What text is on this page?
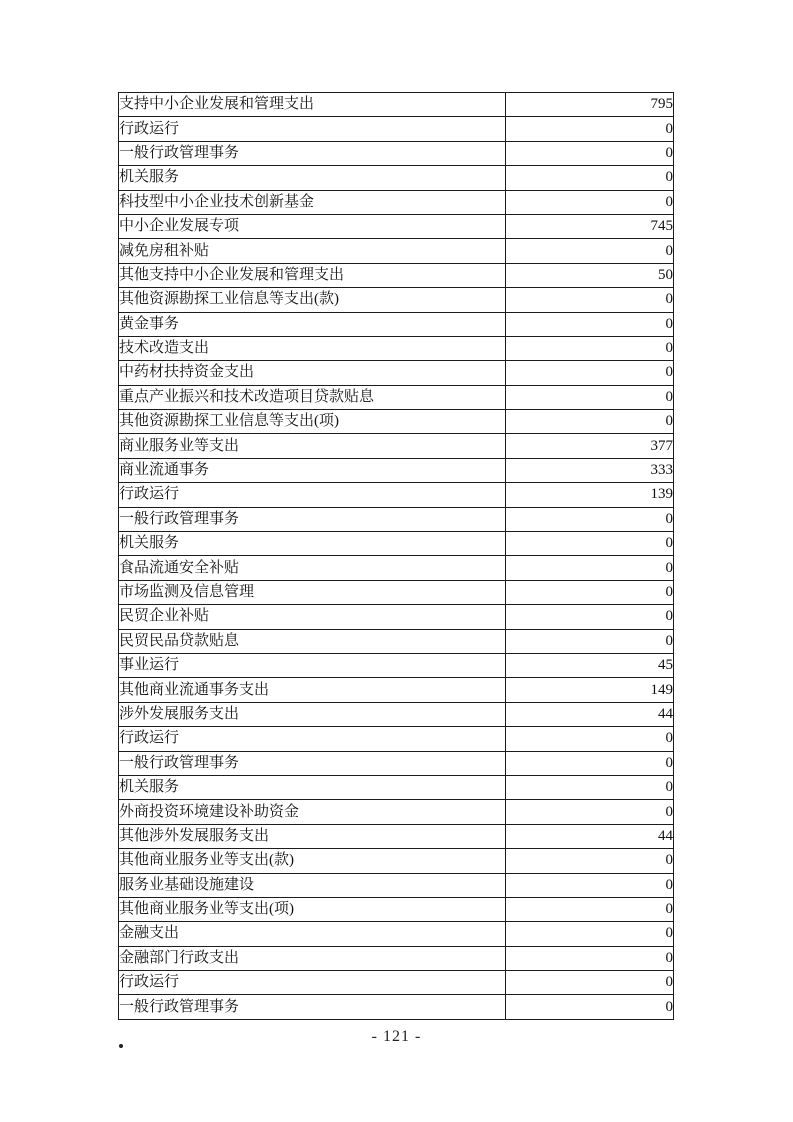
支持中小企业发展和管理支出	795
行政运行	0
一般行政管理事务	0
机关服务	0
科技型中小企业技术创新基金	0
中小企业发展专项	745
减免房租补贴	0
其他支持中小企业发展和管理支出	50
其他资源勘探工业信息等支出(款)	0
黄金事务	0
技术改造支出	0
中药材扶持资金支出	0
重点产业振兴和技术改造项目贷款贴息	0
其他资源勘探工业信息等支出(项)	0
商业服务业等支出	377
商业流通事务	333
行政运行	139
一般行政管理事务	0
机关服务	0
食品流通安全补贴	0
市场监测及信息管理	0
民贸企业补贴	0
民贸民品贷款贴息	0
事业运行	45
其他商业流通事务支出	149
涉外发展服务支出	44
行政运行	0
一般行政管理事务	0
机关服务	0
外商投资环境建设补助资金	0
其他涉外发展服务支出	44
其他商业服务业等支出(款)	0
服务业基础设施建设	0
其他商业服务业等支出(项)	0
金融支出	0
金融部门行政支出	0
行政运行	0
一般行政管理事务	0
- 121 -
